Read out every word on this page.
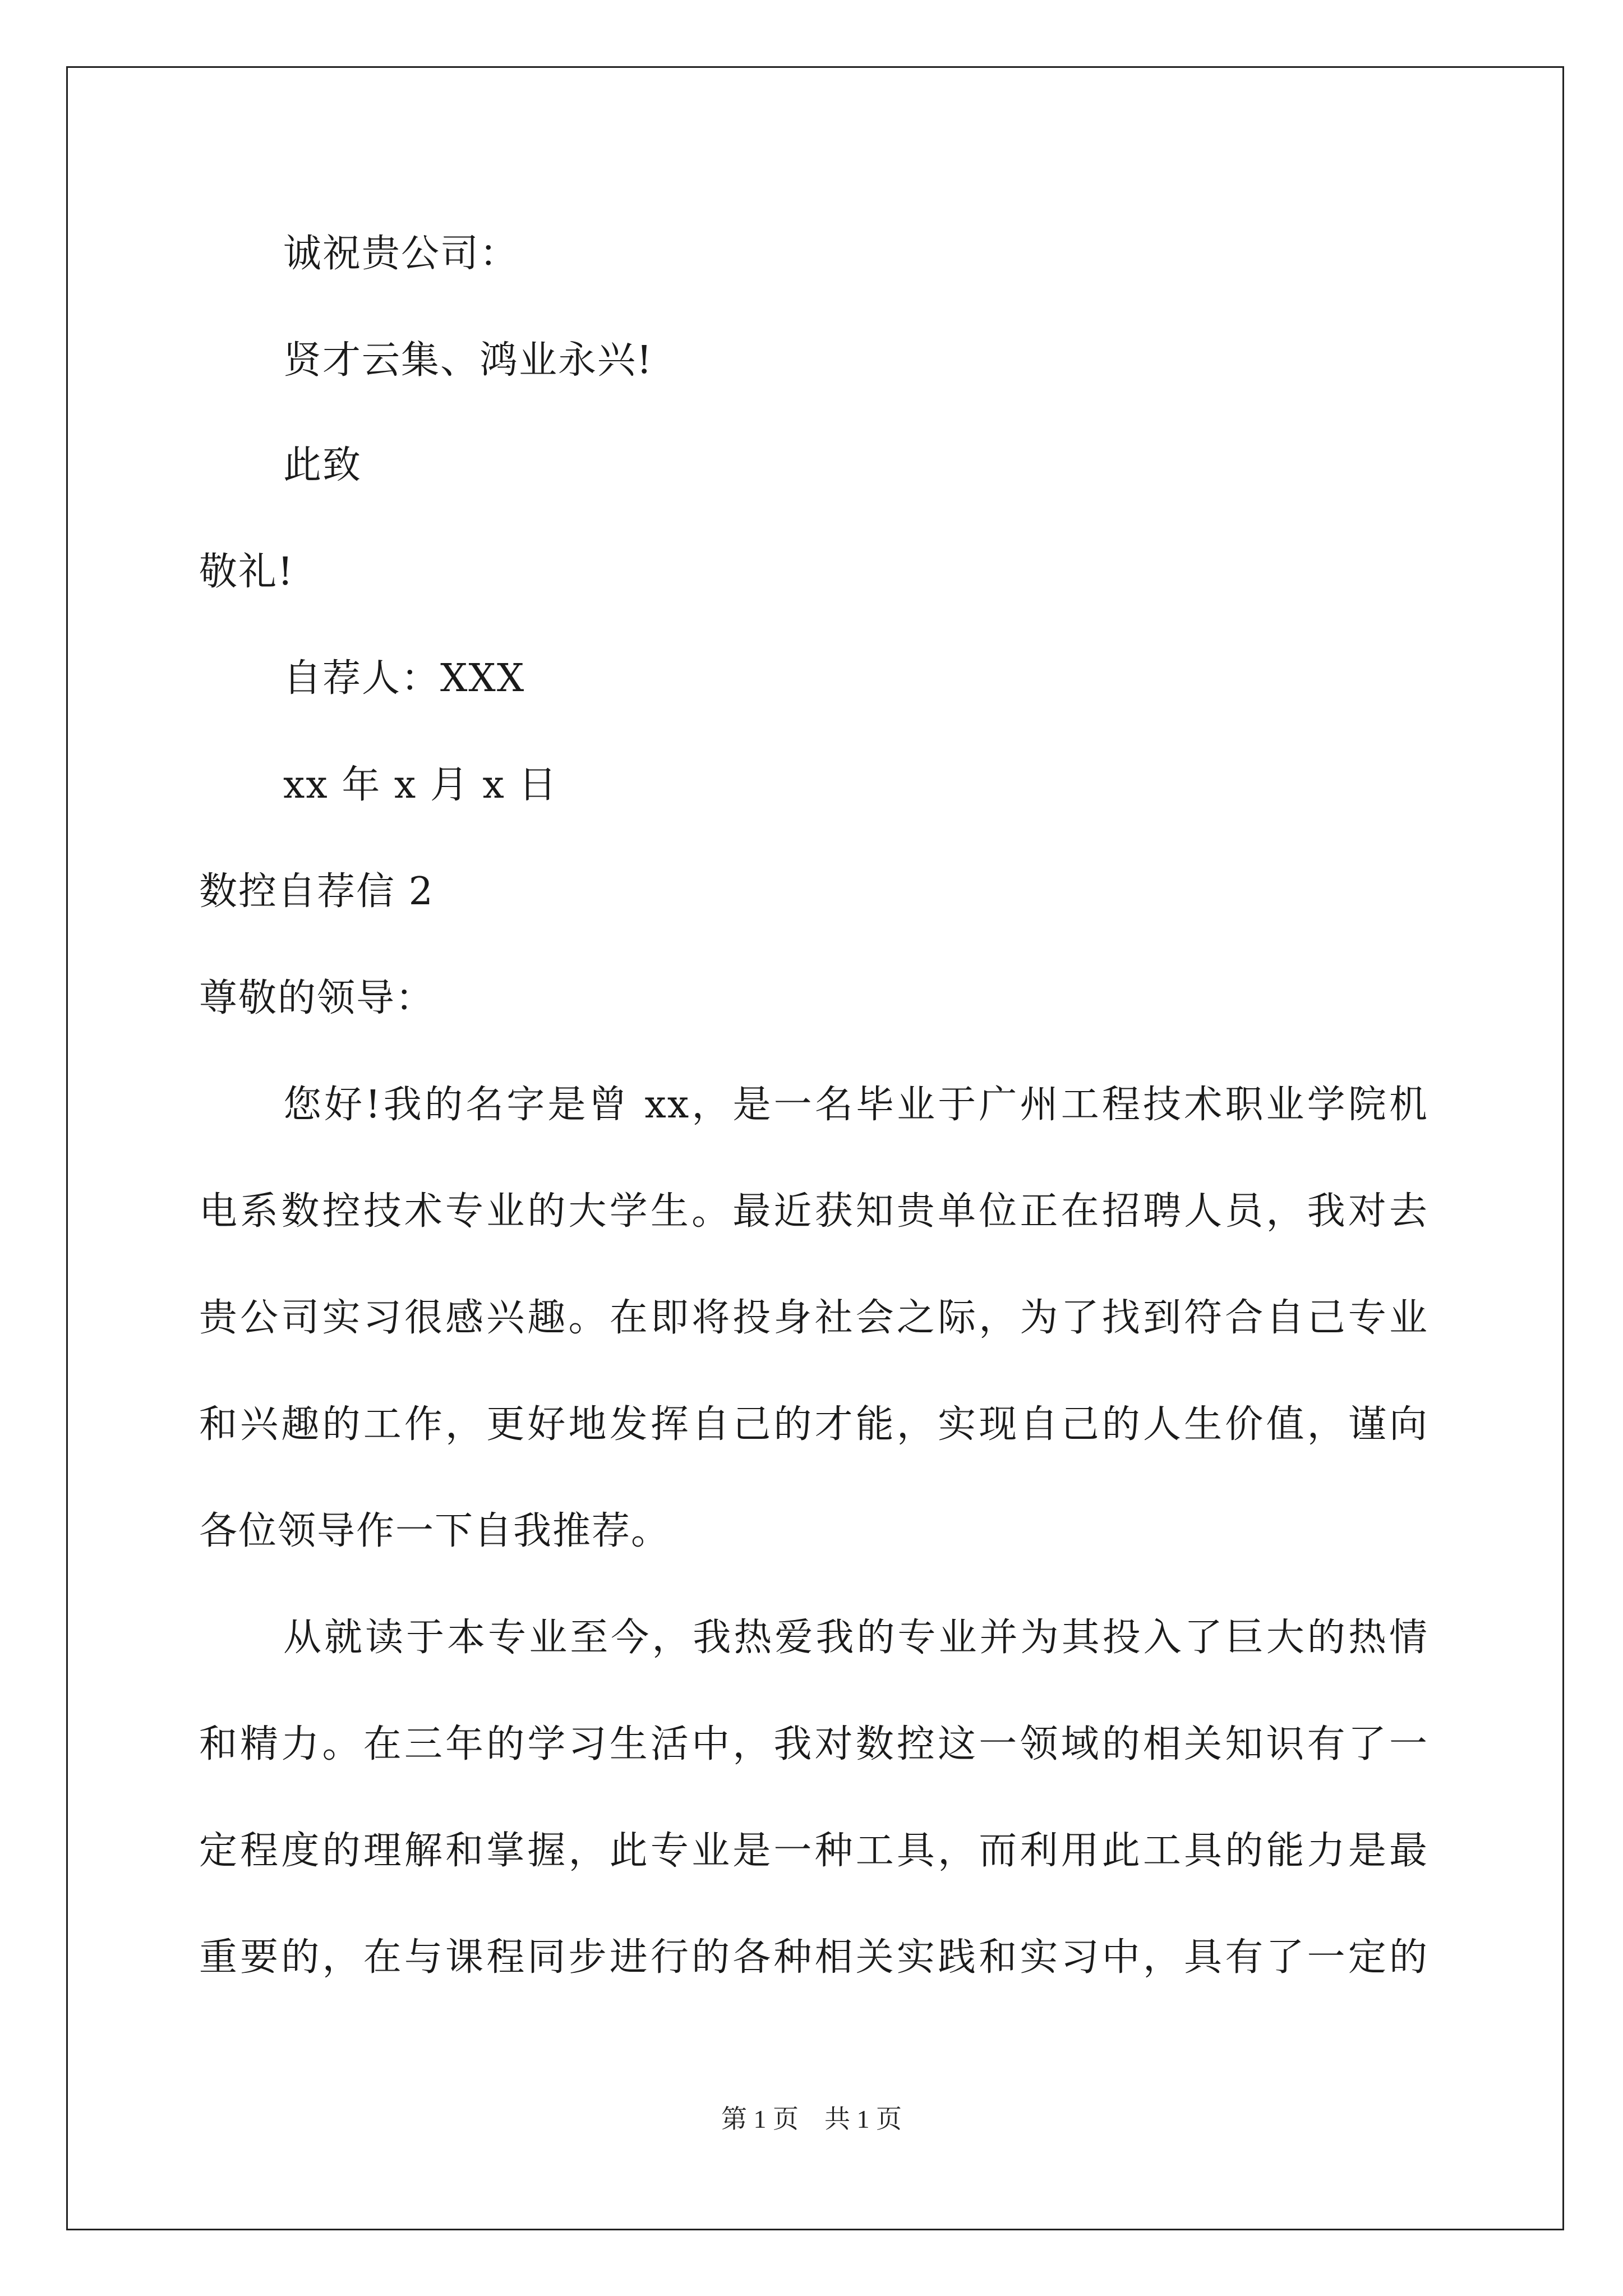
诚祝贵公司：
贤才云集、鸿业永兴!
此致
敬礼!
自荐人：XXX
xx 年 x 月 x 日
数控自荐信 2
尊敬的领导：
您好!我的名字是曾 xx，是一名毕业于广州工程技术职业学院机
电系数控技术专业的大学生。最近获知贵单位正在招聘人员，我对去
贵公司实习很感兴趣。在即将投身社会之际，为了找到符合自己专业
和兴趣的工作，更好地发挥自己的才能，实现自己的人生价值，谨向
各位领导作一下自我推荐。
从就读于本专业至今，我热爱我的专业并为其投入了巨大的热情
和精力。在三年的学习生活中，我对数控这一领域的相关知识有了一
定程度的理解和掌握，此专业是一种工具，而利用此工具的能力是最
重要的，在与课程同步进行的各种相关实践和实习中，具有了一定的
第 1 页　共 1 页
